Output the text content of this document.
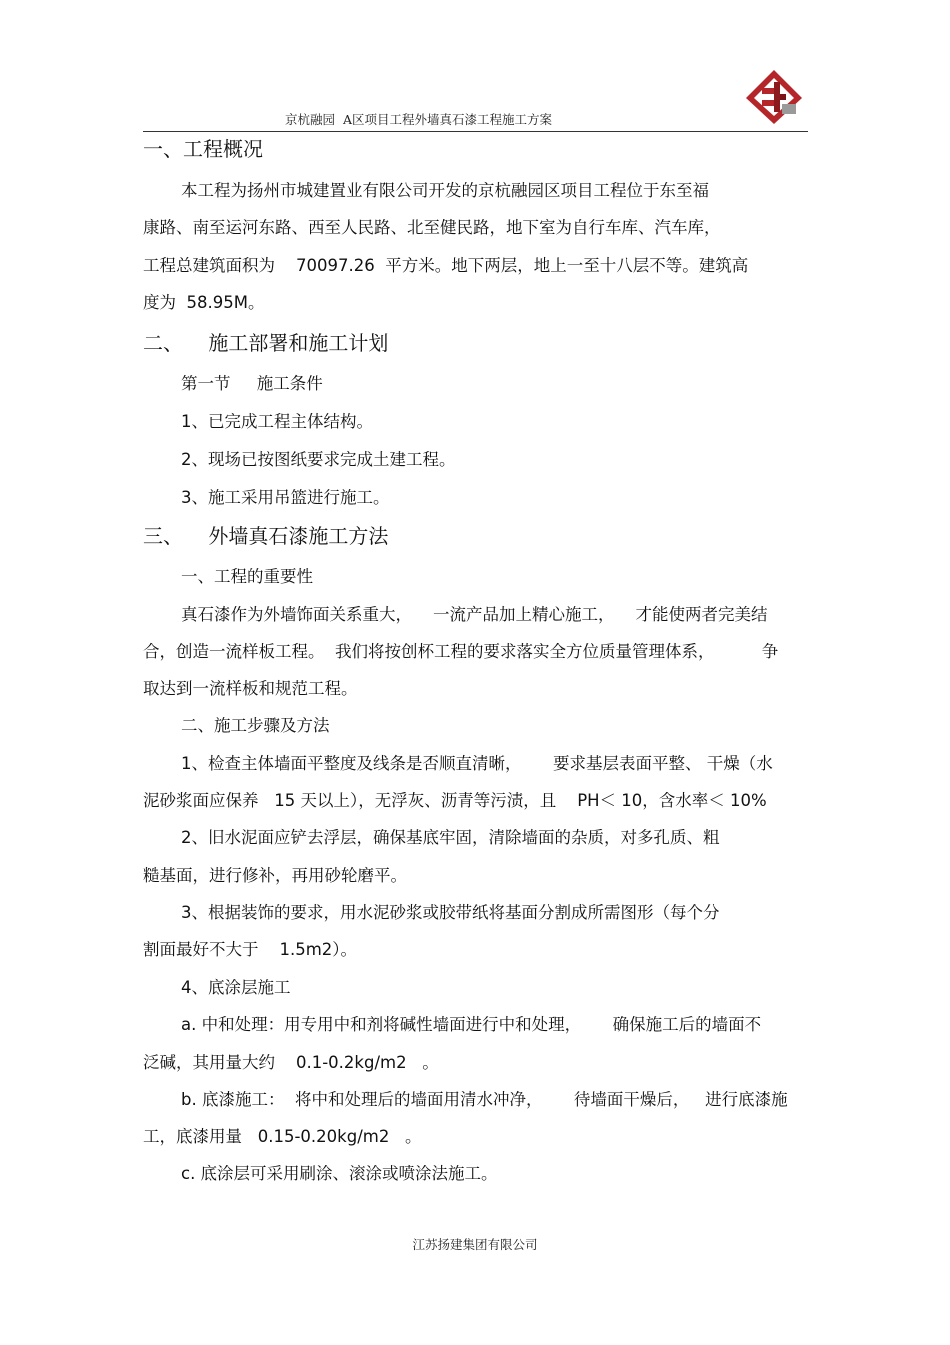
京杭融园  A区项目工程外墙真石漆工程施工方案
一、工程概况
本工程为扬州市城建置业有限公司开发的京杭融园区项目工程位于东至福
康路、南至运河东路、西至人民路、北至健民路，地下室为自行车库、汽车库，
工程总建筑面积为    70097.26  平方米。地下两层，地上一至十八层不等。建筑高
度为  58.95M。
二、    施工部署和施工计划
第一节     施工条件
1、已完成工程主体结构。
2、现场已按图纸要求完成土建工程。
3、施工采用吊篮进行施工。
三、    外墙真石漆施工方法
一、工程的重要性
真石漆作为外墙饰面关系重大，    一流产品加上精心施工，    才能使两者完美结
合，创造一流样板工程。  我们将按创杯工程的要求落实全方位质量管理体系，         争
取达到一流样板和规范工程。
二、施工步骤及方法
1、检查主体墙面平整度及线条是否顺直清晰，      要求基层表面平整、 干燥（水
泥砂浆面应保养   15 天以上），无浮灰、沥青等污渍，且    PH＜ 10，含水率＜ 10%
2、旧水泥面应铲去浮层，确保基底牢固，清除墙面的杂质，对多孔质、粗
糙基面，进行修补，再用砂轮磨平。
3、根据装饰的要求，用水泥砂浆或胶带纸将基面分割成所需图形（每个分
割面最好不大于    1.5m2）。
4、底涂层施工
a. 中和处理：用专用中和剂将碱性墙面进行中和处理，      确保施工后的墙面不
泛碱，其用量大约    0.1-0.2kg/m2   。
b. 底漆施工：  将中和处理后的墙面用清水冲净，      待墙面干燥后，   进行底漆施
工，底漆用量   0.15-0.20kg/m2   。
c. 底涂层可采用刷涂、滚涂或喷涂法施工。
江苏扬建集团有限公司
